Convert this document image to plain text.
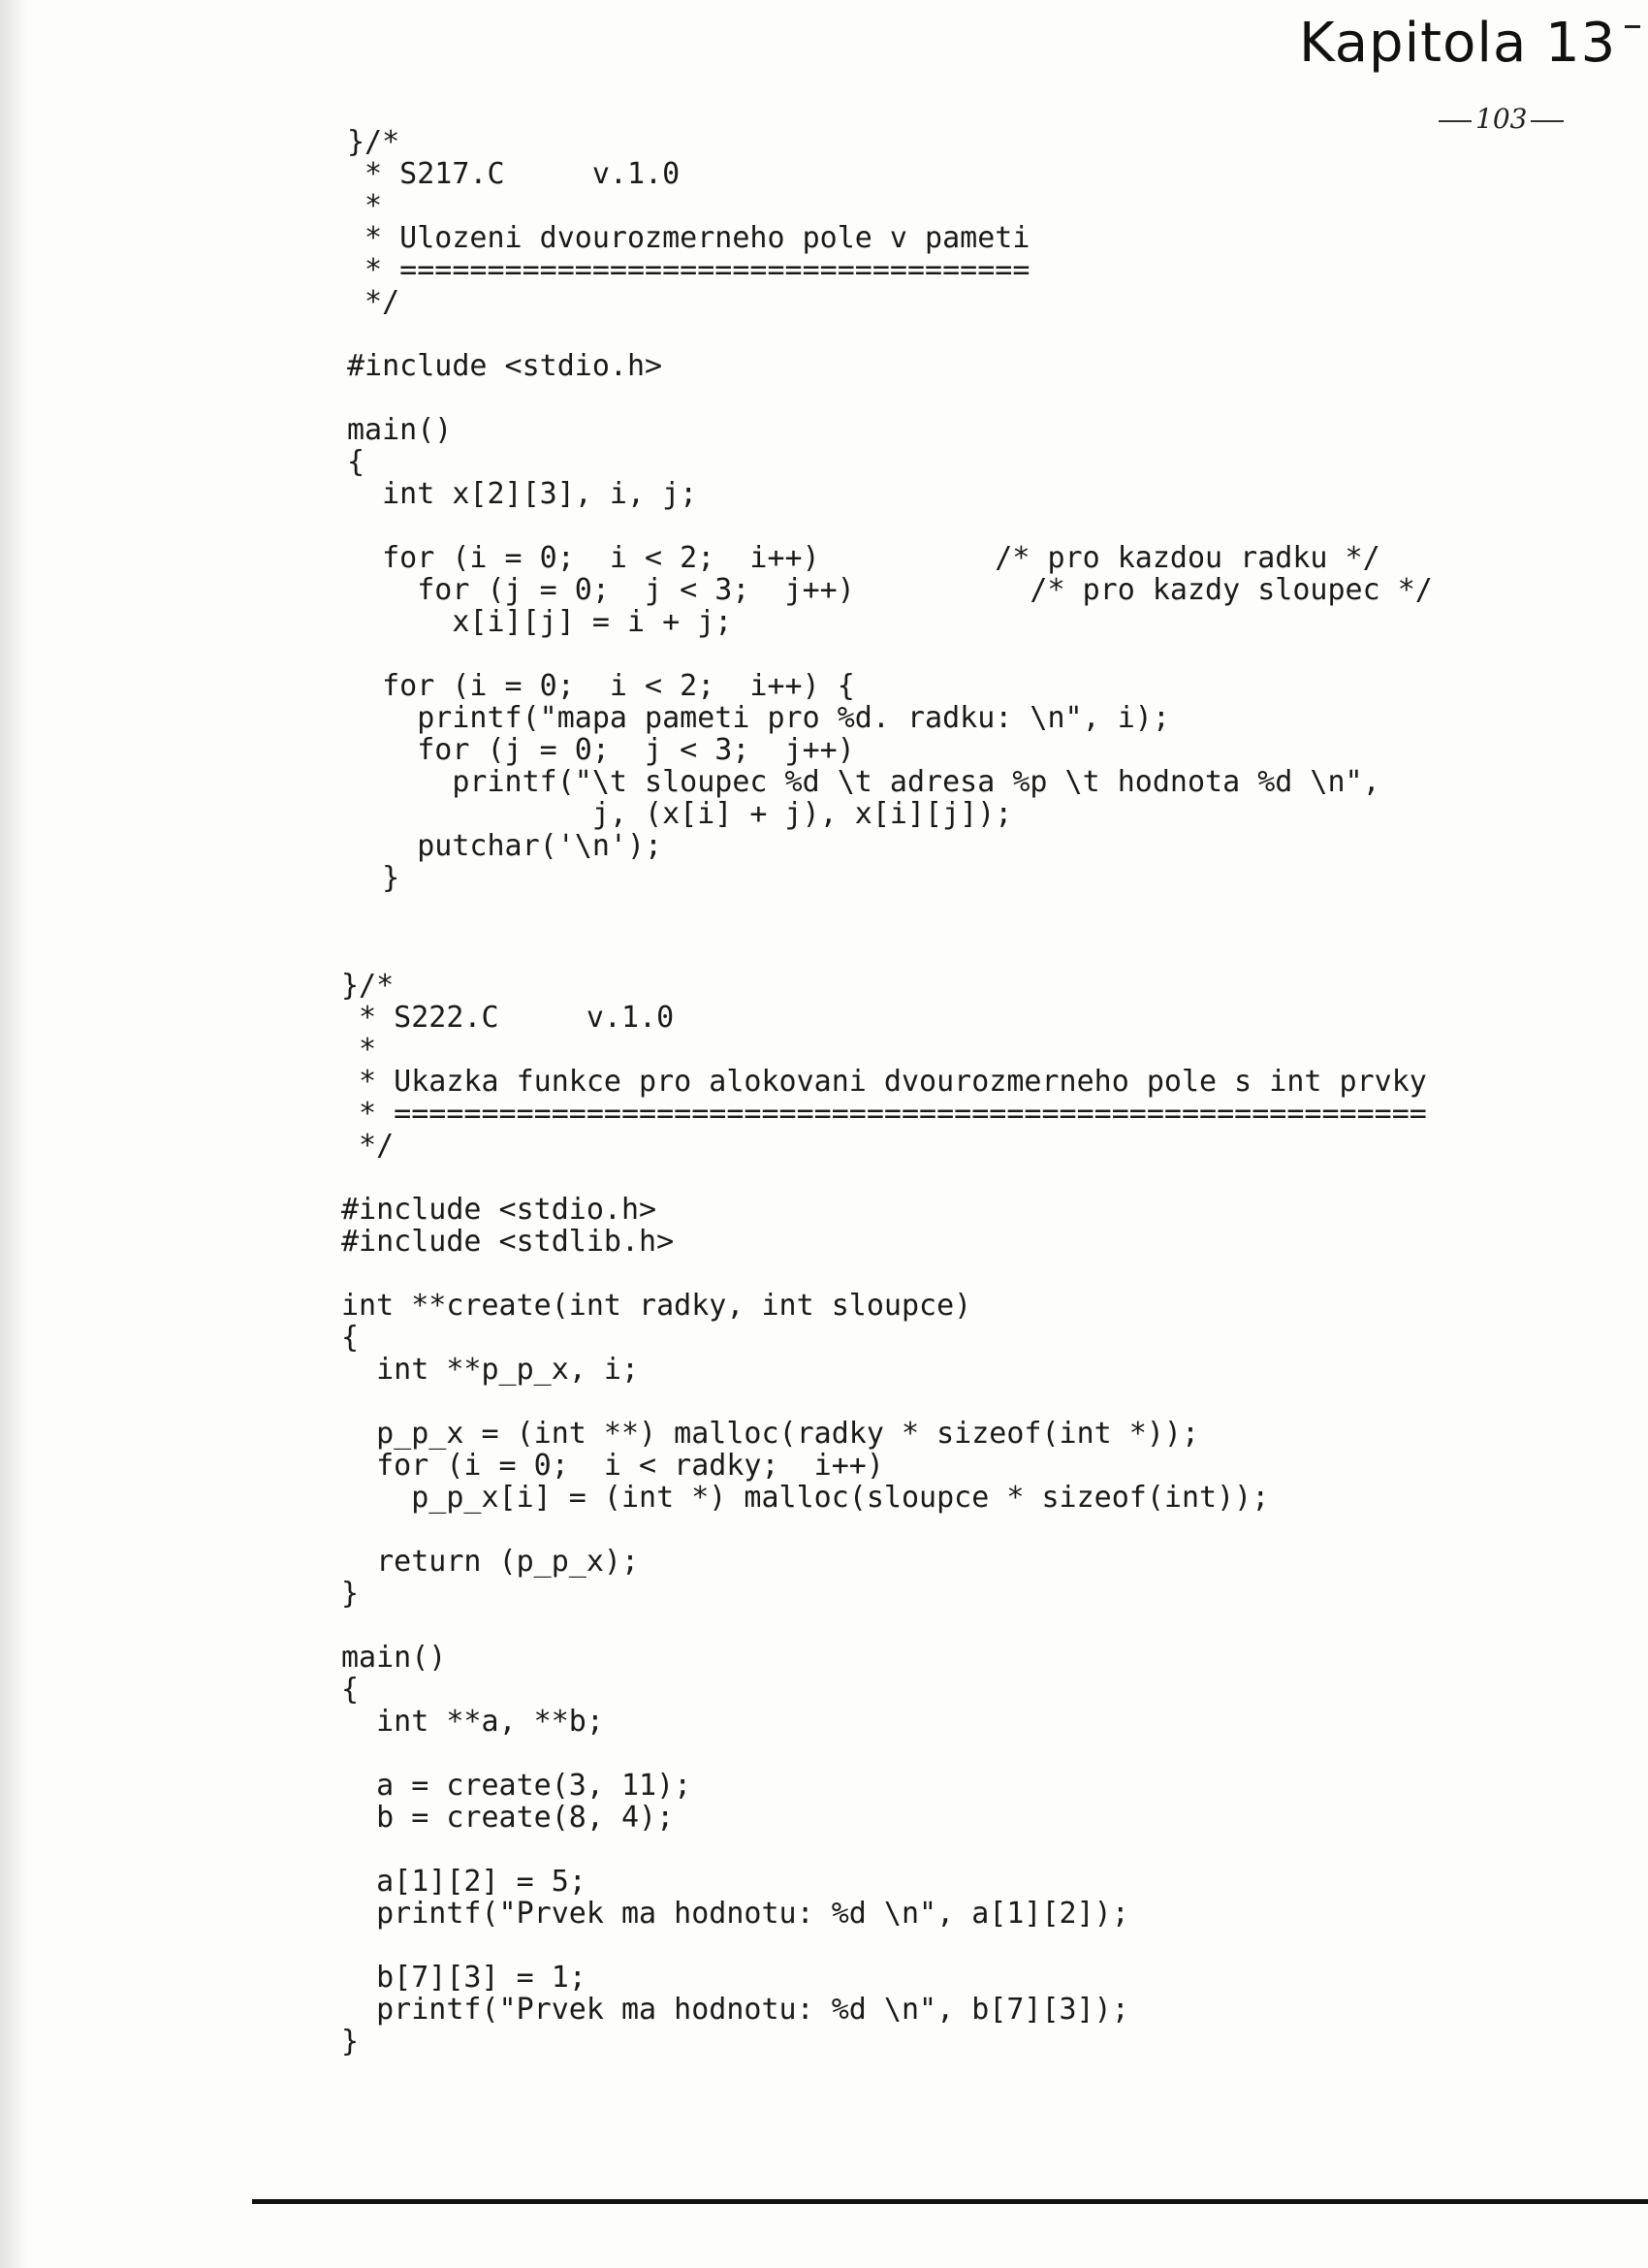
Kapitola 13
103
}/*
* S217.C     v.1.0
*
* Ulozeni dvourozmerneho pole v pameti
* ====================================
*/

#include <stdio.h>

main()
{
int x[2][3], i, j;

for (i = 0;  i < 2;  i++)          /* pro kazdou radku */
for (j = 0;  j < 3;  j++)          /* pro kazdy sloupec */
x[i][j] = i + j;

for (i = 0;  i < 2;  i++) {
printf("mapa pameti pro %d. radku: \n", i);
for (j = 0;  j < 3;  j++)
printf("\t sloupec %d \t adresa %p \t hodnota %d \n",
j, (x[i] + j), x[i][j]);
putchar('\n');
}
}/*
* S222.C     v.1.0
*
* Ukazka funkce pro alokovani dvourozmerneho pole s int prvky
* ===========================================================
*/

#include <stdio.h>
#include <stdlib.h>

int **create(int radky, int sloupce)
{
int **p_p_x, i;

p_p_x = (int **) malloc(radky * sizeof(int *));
for (i = 0;  i < radky;  i++)
p_p_x[i] = (int *) malloc(sloupce * sizeof(int));

return (p_p_x);
}

main()
{
int **a, **b;

a = create(3, 11);
b = create(8, 4);

a[1][2] = 5;
printf("Prvek ma hodnotu: %d \n", a[1][2]);

b[7][3] = 1;
printf("Prvek ma hodnotu: %d \n", b[7][3]);
}
